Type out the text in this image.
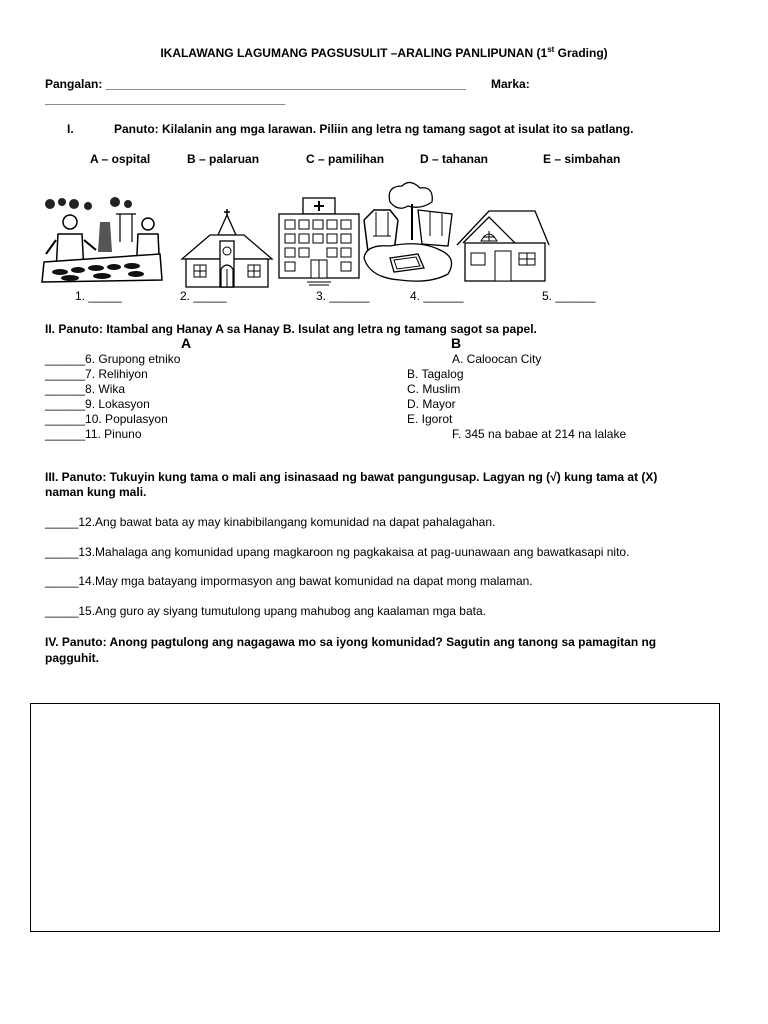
IKALAWANG LAGUMANG PAGSUSULIT –ARALING PANLIPUNAN (1st Grading)
Pangalan: ______________________________________________________ Marka:
____________________________________
I.	Panuto: Kilalanin ang mga larawan. Piliin ang letra ng tamang sagot at isulat ito sa patlang.
A – ospital	B – palaruan	C – pamilihan	D – tahanan	E – simbahan
1. _____	2. _____	3. ______	4. ______	5. ______
II. Panuto: Itambal ang Hanay A sa Hanay B. Isulat ang letra ng tamang sagot sa papel.
A	B
______6. Grupong etniko
______7. Relihiyon
______8. Wika
______9. Lokasyon
______10. Populasyon
______11. Pinuno
A. Caloocan City
B. Tagalog
C. Muslim
D. Mayor
E. Igorot
F. 345 na babae at 214 na lalake
III. Panuto: Tukuyin kung tama o mali ang isinasaad ng bawat pangungusap. Lagyan ng (√) kung tama at (X)
naman kung mali.
_____12.Ang bawat bata ay may kinabibilangang komunidad na dapat pahalagahan.
_____13.Mahalaga ang komunidad upang magkaroon ng pagkakaisa at pag-uunawaan ang bawatkasapi nito.
_____14.May mga batayang impormasyon ang bawat komunidad na dapat mong malaman.
_____15.Ang guro ay siyang tumutulong upang mahubog ang kaalaman mga bata.
IV. Panuto: Anong pagtulong ang nagagawa mo sa iyong komunidad? Sagutin ang tanong sa pamagitan ng
pagguhit.
